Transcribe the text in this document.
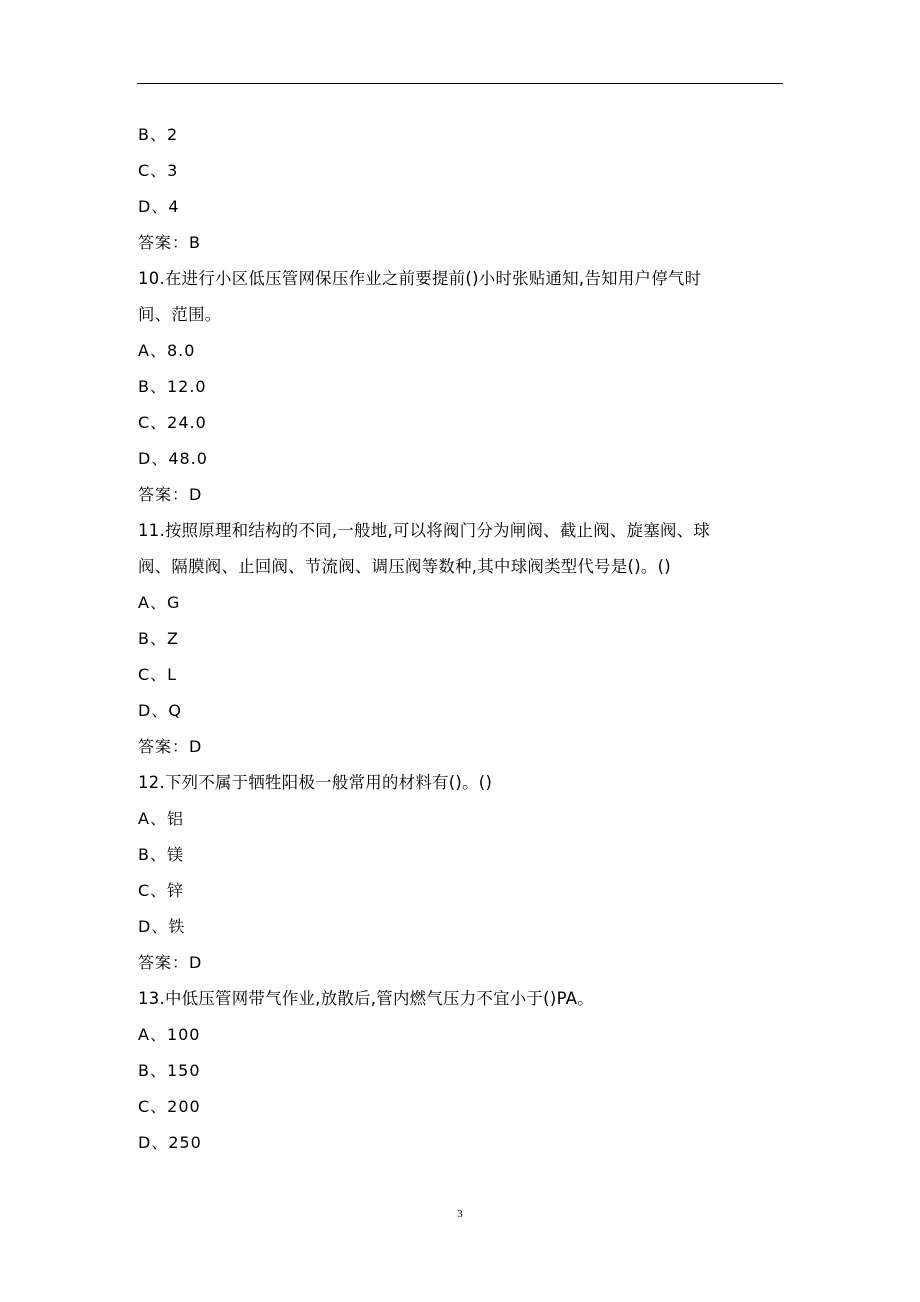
B、2
C、3
D、4
答案：B
10.在进行小区低压管网保压作业之前要提前()小时张贴通知,告知用户停气时
间、范围。
A、8.0
B、12.0
C、24.0
D、48.0
答案：D
11.按照原理和结构的不同,一般地,可以将阀门分为闸阀、截止阀、旋塞阀、球
阀、隔膜阀、止回阀、节流阀、调压阀等数种,其中球阀类型代号是()。()
A、G
B、Z
C、L
D、Q
答案：D
12.下列不属于牺牲阳极一般常用的材料有()。()
A、铝
B、镁
C、锌
D、铁
答案：D
13.中低压管网带气作业,放散后,管内燃气压力不宜小于()PA。
A、100
B、150
C、200
D、250
3
